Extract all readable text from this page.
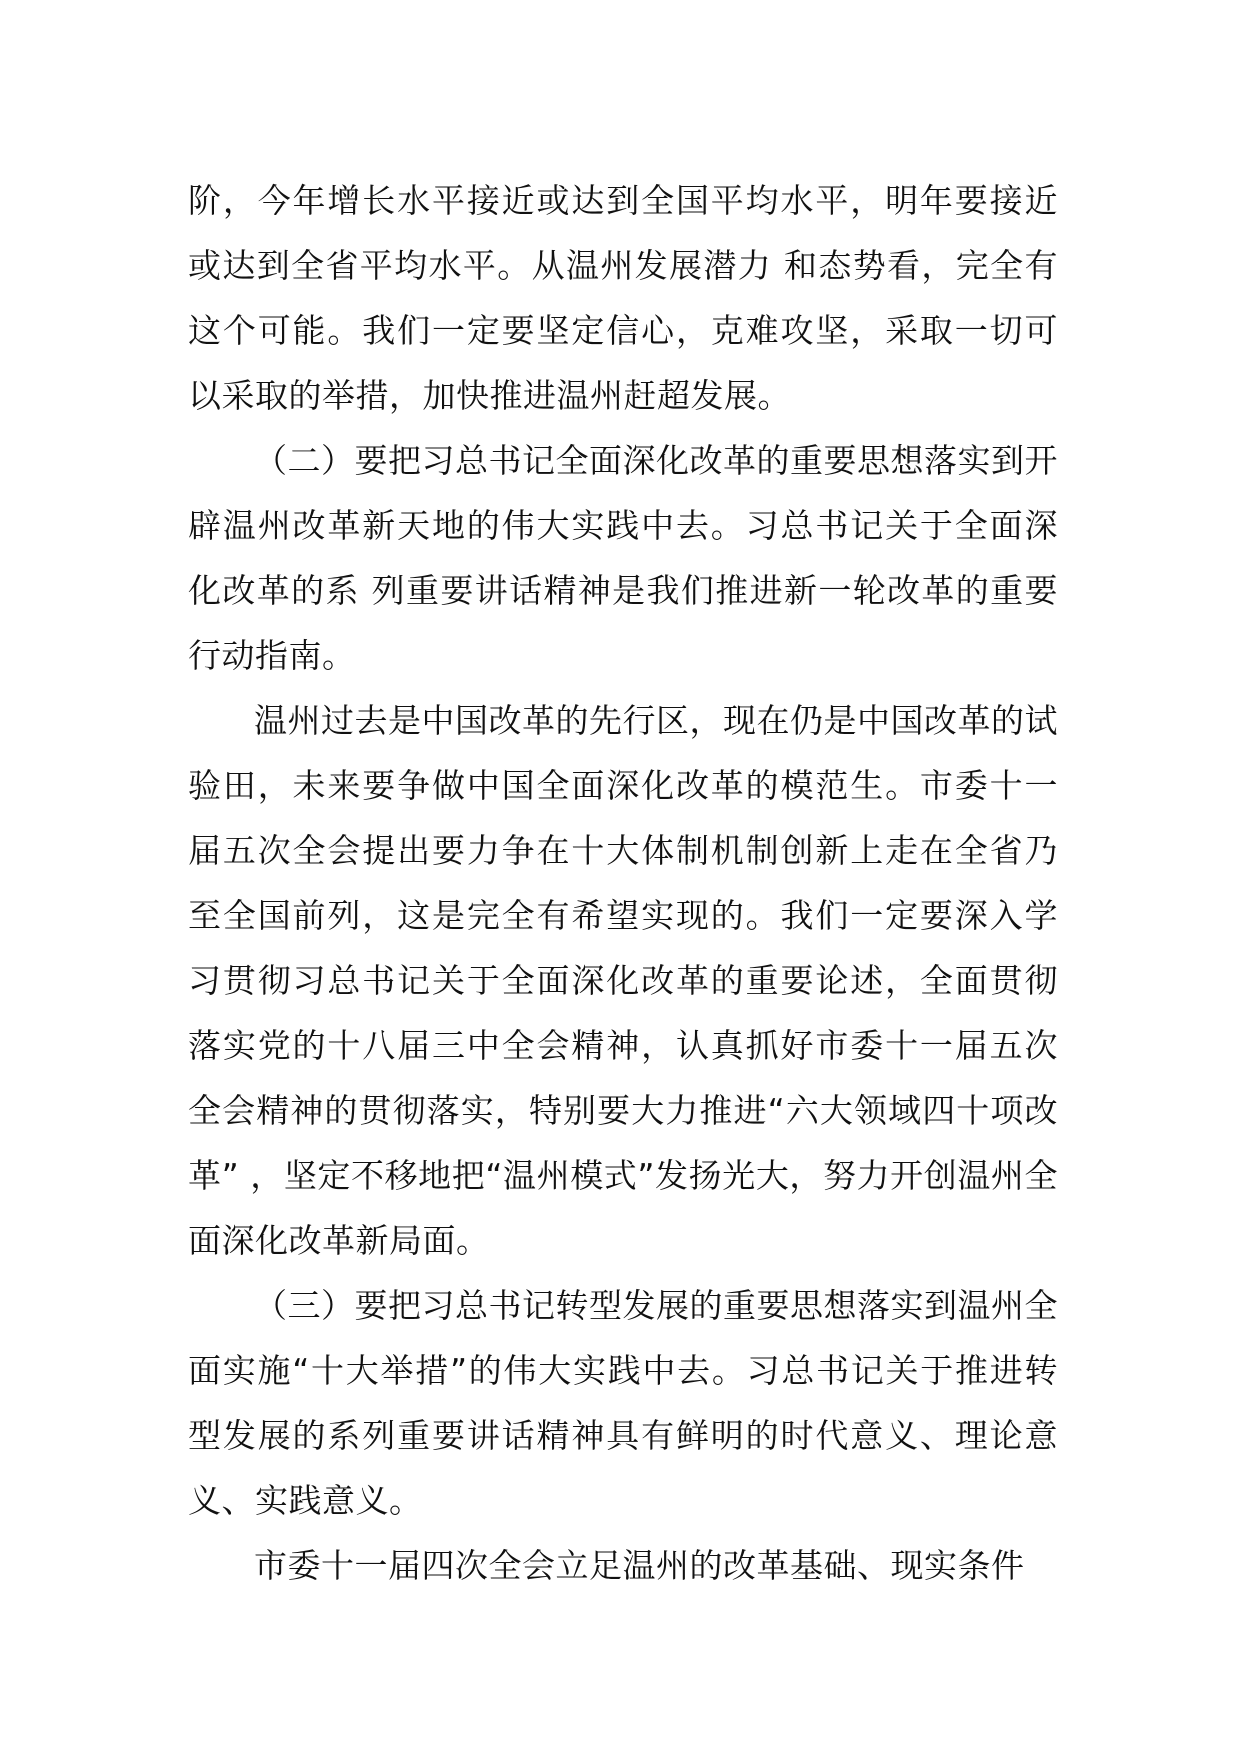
阶，今年增长水平接近或达到全国平均水平，明年要接近或达到全省平均水平。从温州发展潜力 和态势看，完全有这个可能。我们一定要坚定信心，克难攻坚，采取一切可以采取的举措，加快推进温州赶超发展。

（二）要把习总书记全面深化改革的重要思想落实到开辟温州改革新天地的伟大实践中去。习总书记关于全面深化改革的系 列重要讲话精神是我们推进新一轮改革的重要行动指南。

温州过去是中国改革的先行区，现在仍是中国改革的试验田，未来要争做中国全面深化改革的模范生。市委十一届五次全会提出要力争在十大体制机制创新上走在全省乃至全国前列，这是完全有希望实现的。我们一定要深入学习贯彻习总书记关于全面深化改革的重要论述，全面贯彻落实党的十八届三中全会精神，认真抓好市委十一届五次全会精神的贯彻落实，特别要大力推进“六大领域四十项改革” ，坚定不移地把“温州模式”发扬光大，努力开创温州全面深化改革新局面。

（三）要把习总书记转型发展的重要思想落实到温州全面实施“十大举措”的伟大实践中去。习总书记关于推进转型发展的系列重要讲话精神具有鲜明的时代意义、理论意义、实践意义。

市委十一届四次全会立足温州的改革基础、现实条件
